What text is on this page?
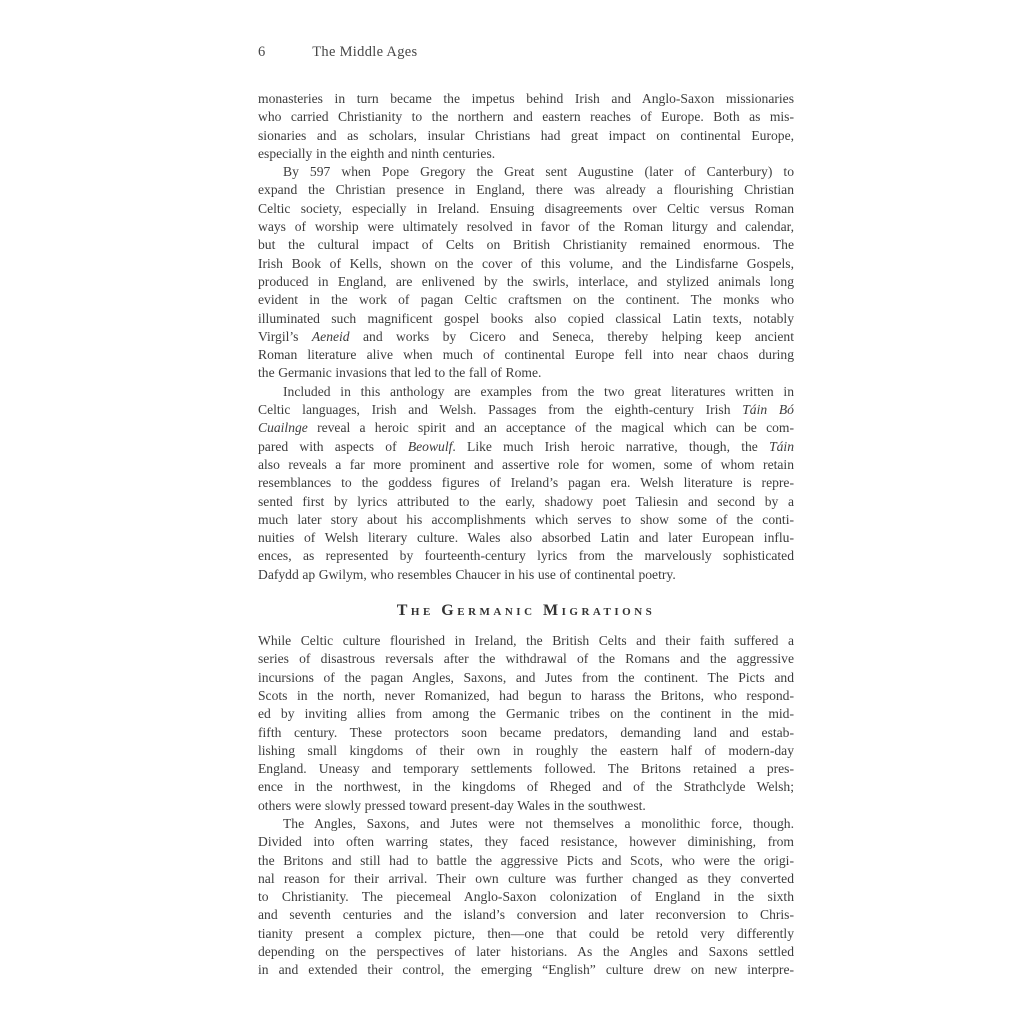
6	The Middle Ages
monasteries in turn became the impetus behind Irish and Anglo-Saxon missionaries
who carried Christianity to the northern and eastern reaches of Europe. Both as mis-
sionaries and as scholars, insular Christians had great impact on continental Europe,
especially in the eighth and ninth centuries.
By 597 when Pope Gregory the Great sent Augustine (later of Canterbury) to
expand the Christian presence in England, there was already a flourishing Christian
Celtic society, especially in Ireland. Ensuing disagreements over Celtic versus Roman
ways of worship were ultimately resolved in favor of the Roman liturgy and calendar,
but the cultural impact of Celts on British Christianity remained enormous. The
Irish Book of Kells, shown on the cover of this volume, and the Lindisfarne Gospels,
produced in England, are enlivened by the swirls, interlace, and stylized animals long
evident in the work of pagan Celtic craftsmen on the continent. The monks who
illuminated such magnificent gospel books also copied classical Latin texts, notably
Virgil’s Aeneid and works by Cicero and Seneca, thereby helping keep ancient
Roman literature alive when much of continental Europe fell into near chaos during
the Germanic invasions that led to the fall of Rome.
Included in this anthology are examples from the two great literatures written in
Celtic languages, Irish and Welsh. Passages from the eighth-century Irish Táin Bó
Cuailnge reveal a heroic spirit and an acceptance of the magical which can be com-
pared with aspects of Beowulf. Like much Irish heroic narrative, though, the Táin
also reveals a far more prominent and assertive role for women, some of whom retain
resemblances to the goddess figures of Ireland’s pagan era. Welsh literature is repre-
sented first by lyrics attributed to the early, shadowy poet Taliesin and second by a
much later story about his accomplishments which serves to show some of the conti-
nuities of Welsh literary culture. Wales also absorbed Latin and later European influ-
ences, as represented by fourteenth-century lyrics from the marvelously sophisticated
Dafydd ap Gwilym, who resembles Chaucer in his use of continental poetry.
The Germanic Migrations
While Celtic culture flourished in Ireland, the British Celts and their faith suffered a
series of disastrous reversals after the withdrawal of the Romans and the aggressive
incursions of the pagan Angles, Saxons, and Jutes from the continent. The Picts and
Scots in the north, never Romanized, had begun to harass the Britons, who respond-
ed by inviting allies from among the Germanic tribes on the continent in the mid-
fifth century. These protectors soon became predators, demanding land and estab-
lishing small kingdoms of their own in roughly the eastern half of modern-day
England. Uneasy and temporary settlements followed. The Britons retained a pres-
ence in the northwest, in the kingdoms of Rheged and of the Strathclyde Welsh;
others were slowly pressed toward present-day Wales in the southwest.
The Angles, Saxons, and Jutes were not themselves a monolithic force, though.
Divided into often warring states, they faced resistance, however diminishing, from
the Britons and still had to battle the aggressive Picts and Scots, who were the origi-
nal reason for their arrival. Their own culture was further changed as they converted
to Christianity. The piecemeal Anglo-Saxon colonization of England in the sixth
and seventh centuries and the island’s conversion and later reconversion to Chris-
tianity present a complex picture, then—one that could be retold very differently
depending on the perspectives of later historians. As the Angles and Saxons settled
in and extended their control, the emerging “English” culture drew on new interpre-
